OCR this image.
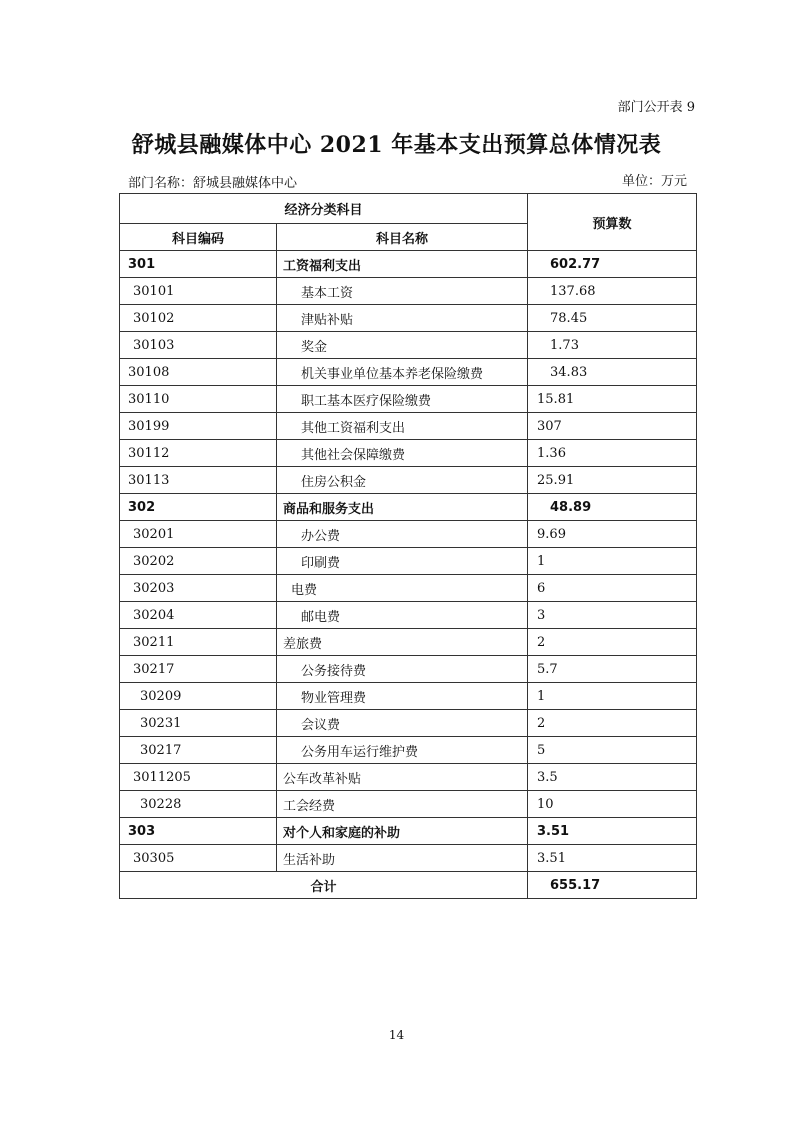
部门公开表 9
舒城县融媒体中心 2021 年基本支出预算总体情况表
部门名称：舒城县融媒体中心	单位：万元
经济分类科目		预算数
科目编码	科目名称	
301	工资福利支出	602.77
30101	基本工资	137.68
30102	津贴补贴	78.45
30103	奖金	1.73
30108	机关事业单位基本养老保险缴费	34.83
30110	职工基本医疗保险缴费	15.81
30199	其他工资福利支出	307
30112	其他社会保障缴费	1.36
30113	住房公积金	25.91
302	商品和服务支出	48.89
30201	办公费	9.69
30202	印刷费	1
30203	电费	6
30204	邮电费	3
30211	差旅费	2
30217	公务接待费	5.7
30209	物业管理费	1
30231	会议费	2
30217	公务用车运行维护费	5
3011205	公车改革补贴	3.5
30228	工会经费	10
303	对个人和家庭的补助	3.51
30305	生活补助	3.51
合计		655.17
14
